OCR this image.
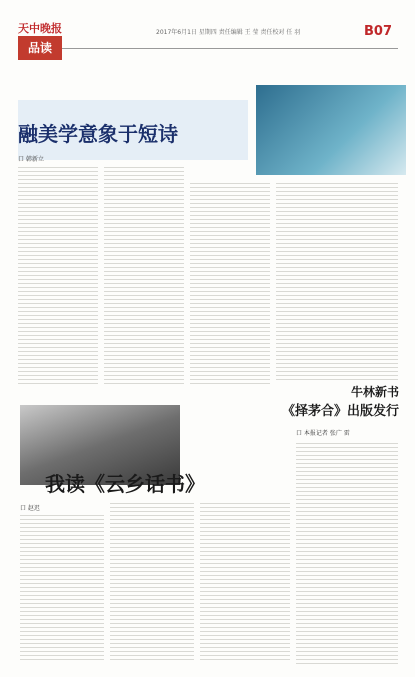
天中晚报	2017年6月1日 星期四 责任编辑 王 莹 责任校对 任 羽	B07
品读
融美学意象于短诗
口 韩新立
牛林新书
《择茅合》出版发行
口 本报记者 张广 雷
我读《云乡话书》
口 赵迟
